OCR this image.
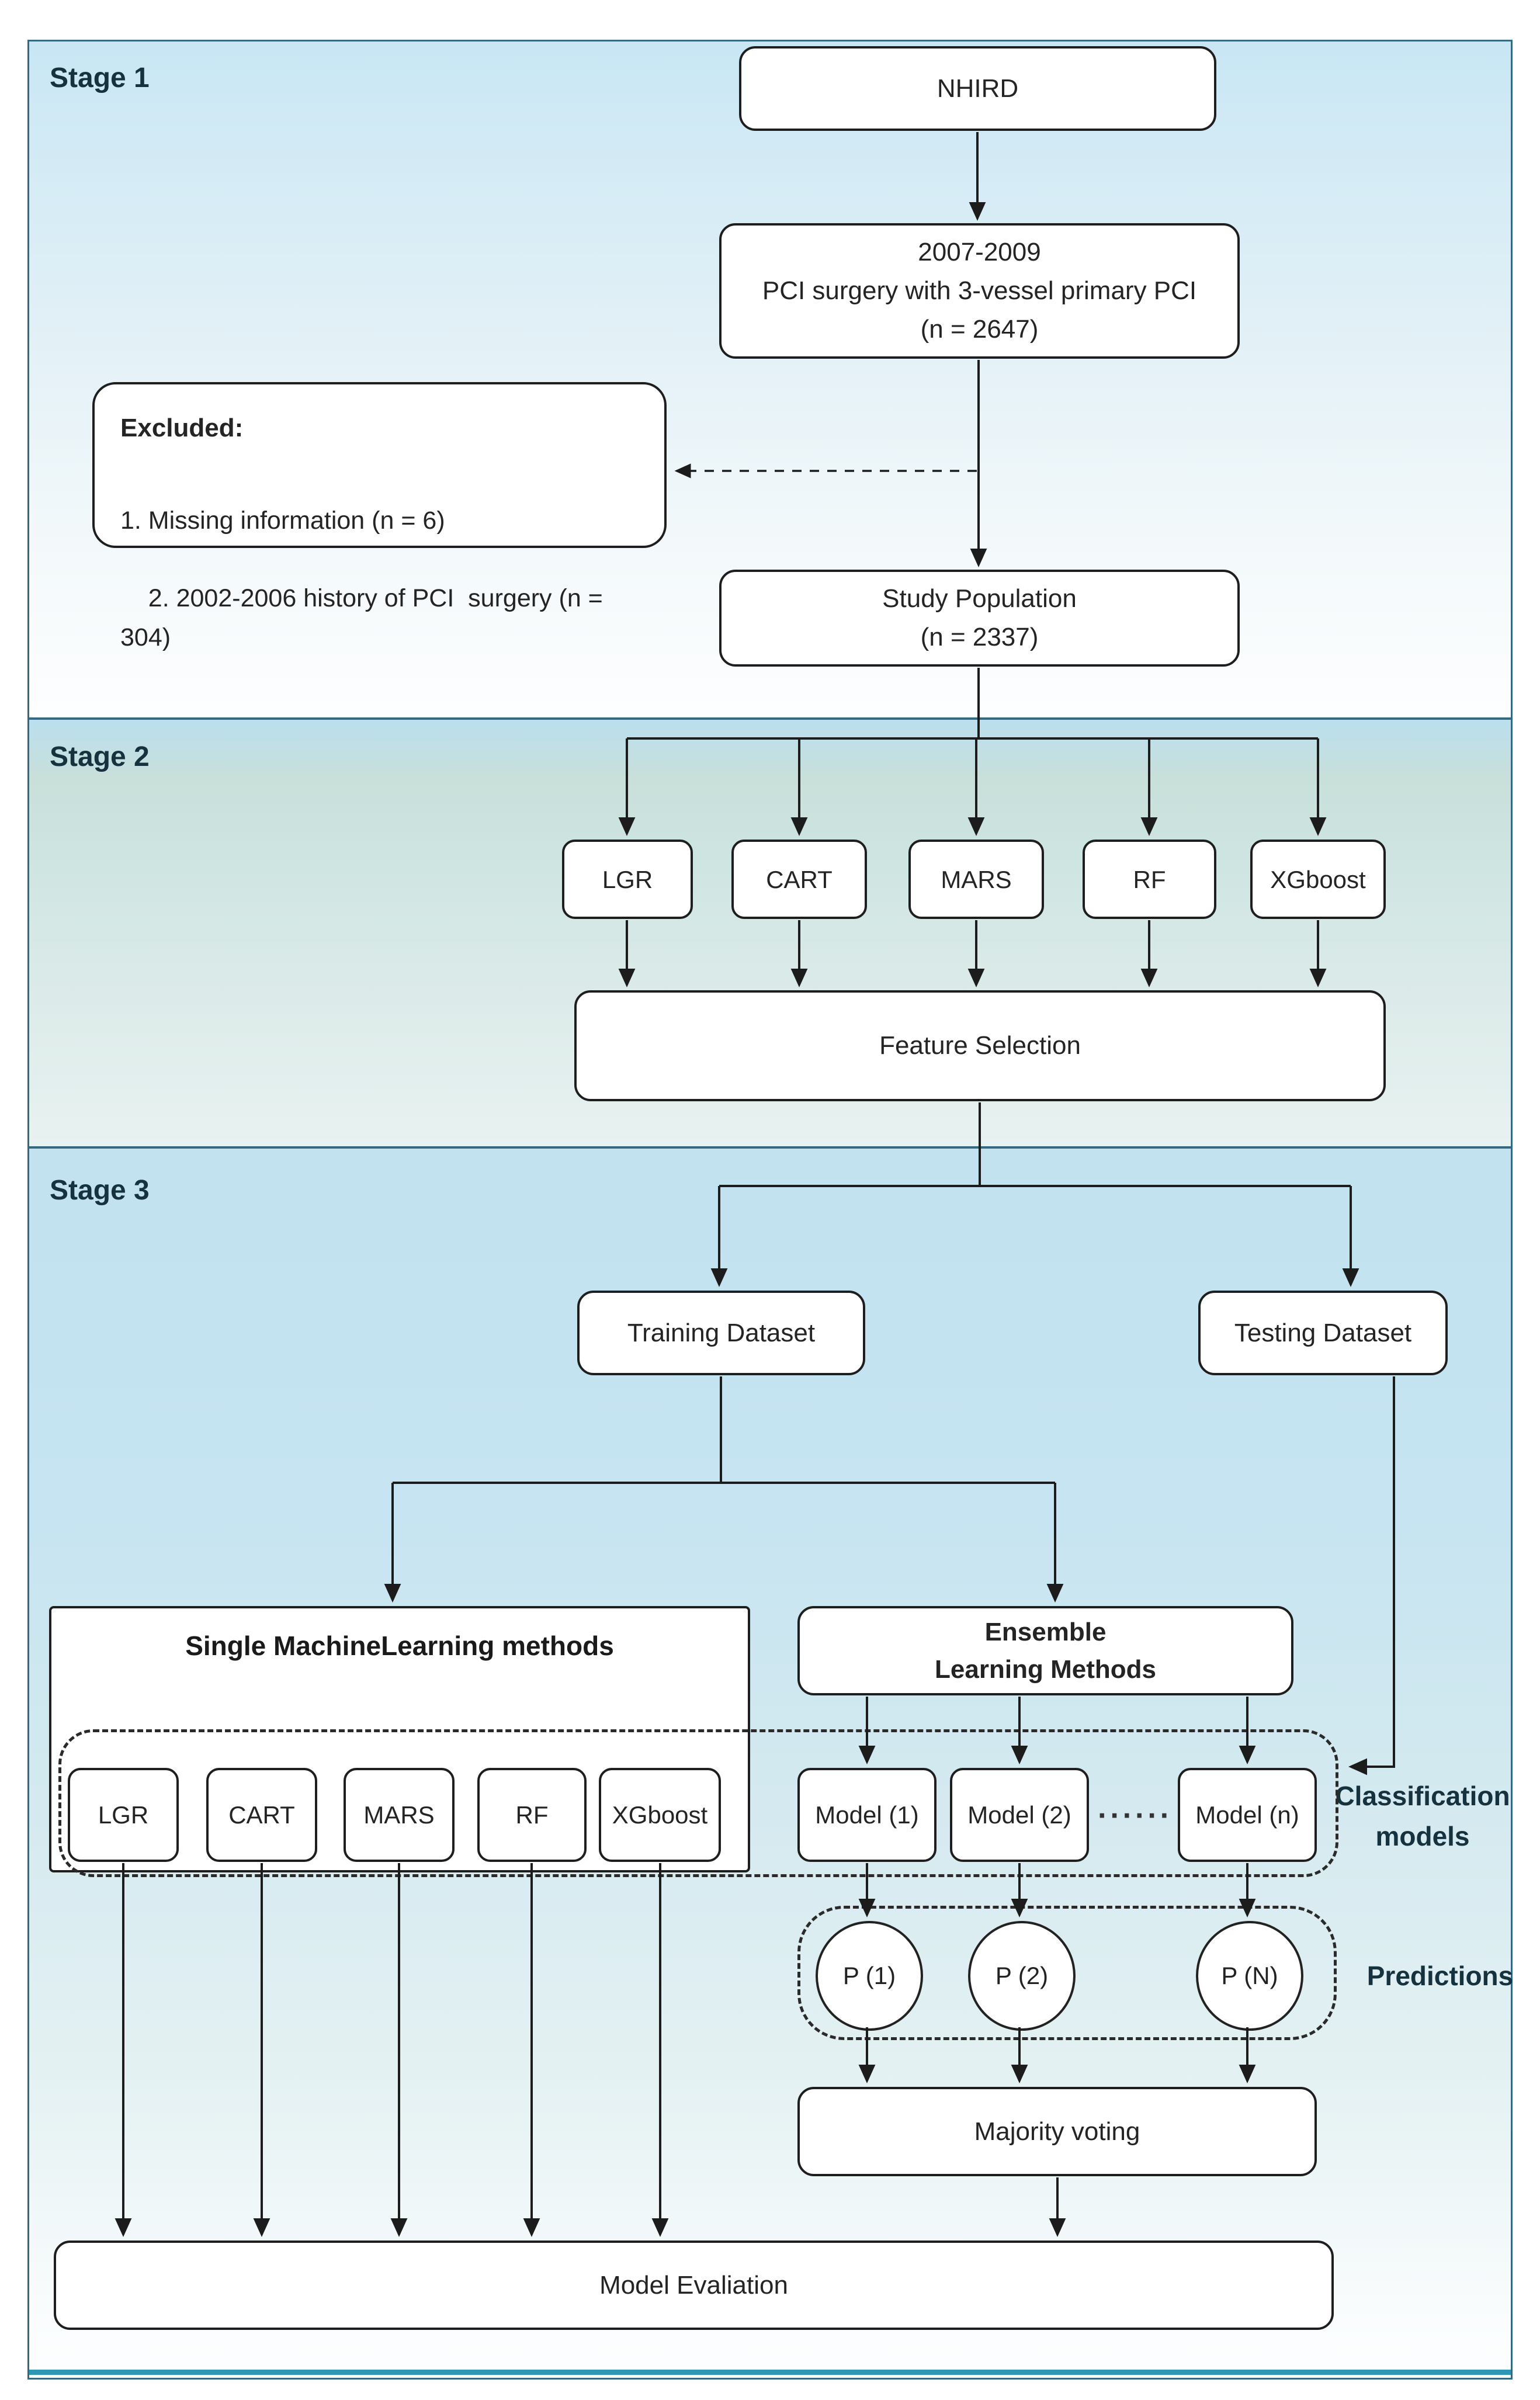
Stage 1
Stage 2
Stage 3
NHIRD
2007-2009
PCI surgery with 3-vessel primary PCI
(n = 2647)
Excluded:
1. Missing information (n = 6)

2. 2002-2006 history of PCI  surgery (n = 304)
Study Population
(n = 2337)
LGR	CART	MARS	RF	XGboost
Feature Selection
Training Dataset	Testing Dataset
Single MachineLearning methods
LGR	CART	MARS	RF	XGboost
Ensemble
Learning Methods
Model (1) Model (2) ······ Model (n)
Classification
models
P (1)	P (2)	P (N)	Predictions
Majority voting
Model Evaliation
